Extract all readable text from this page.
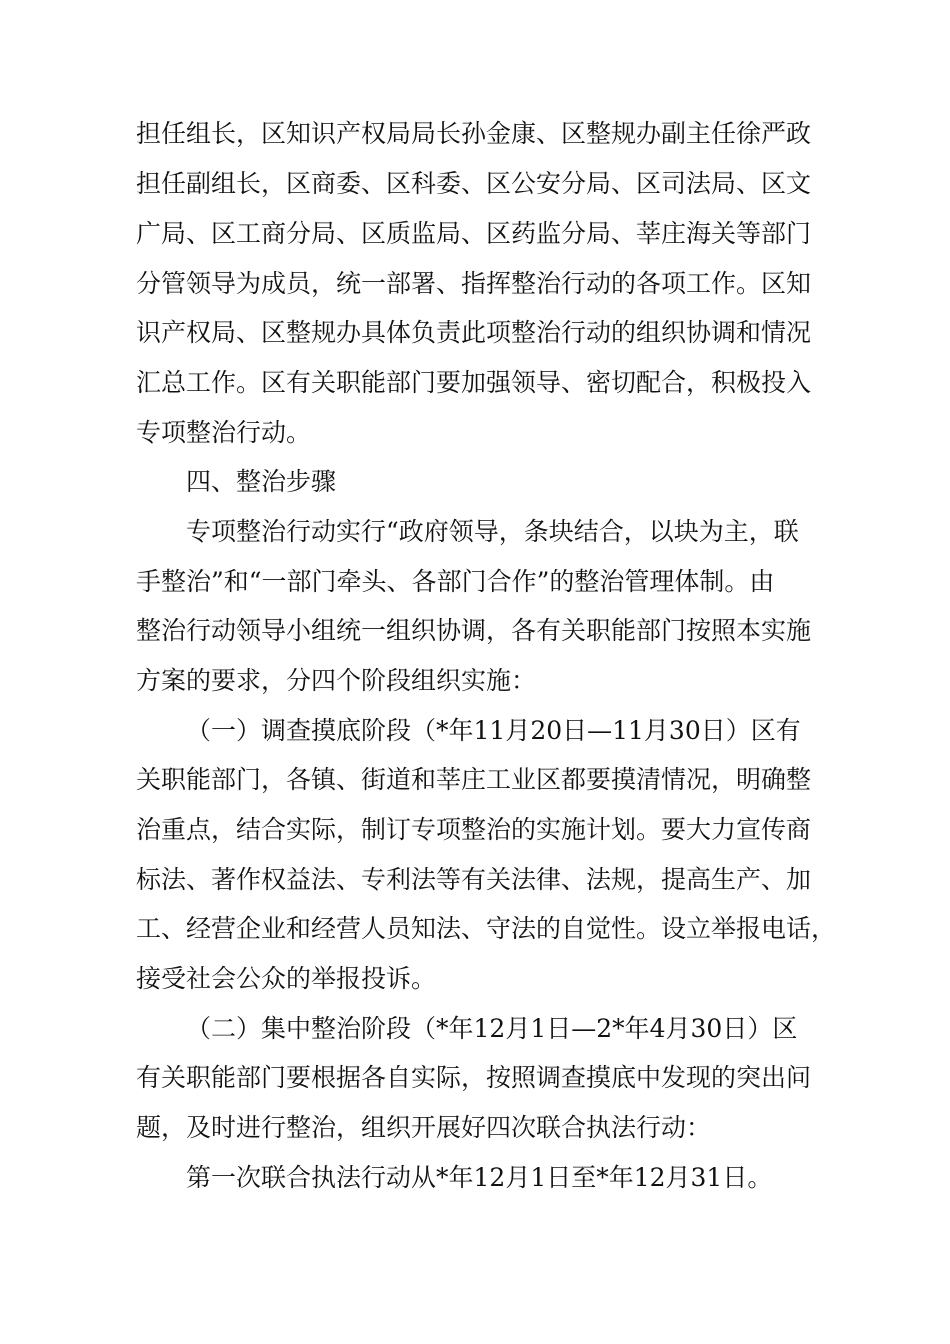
担任组长，区知识产权局局长孙金康、区整规办副主任徐严政

担任副组长，区商委、区科委、区公安分局、区司法局、区文

广局、区工商分局、区质监局、区药监分局、莘庄海关等部门

分管领导为成员，统一部署、指挥整治行动的各项工作。区知

识产权局、区整规办具体负责此项整治行动的组织协调和情况

汇总工作。区有关职能部门要加强领导、密切配合，积极投入

专项整治行动。

四、整治步骤

专项整治行动实行“政府领导，条块结合，以块为主，联

手整治”和“一部门牵头、各部门合作”的整治管理体制。由

整治行动领导小组统一组织协调，各有关职能部门按照本实施

方案的要求，分四个阶段组织实施：

（一）调查摸底阶段（*年11月20日—11月30日）区有

关职能部门，各镇、街道和莘庄工业区都要摸清情况，明确整

治重点，结合实际，制订专项整治的实施计划。要大力宣传商

标法、著作权益法、专利法等有关法律、法规，提高生产、加

工、经营企业和经营人员知法、守法的自觉性。设立举报电话，

接受社会公众的举报投诉。

（二）集中整治阶段（*年12月1日—2*年4月30日）区

有关职能部门要根据各自实际，按照调查摸底中发现的突出问

题，及时进行整治，组织开展好四次联合执法行动：

第一次联合执法行动从*年12月1日至*年12月31日。
